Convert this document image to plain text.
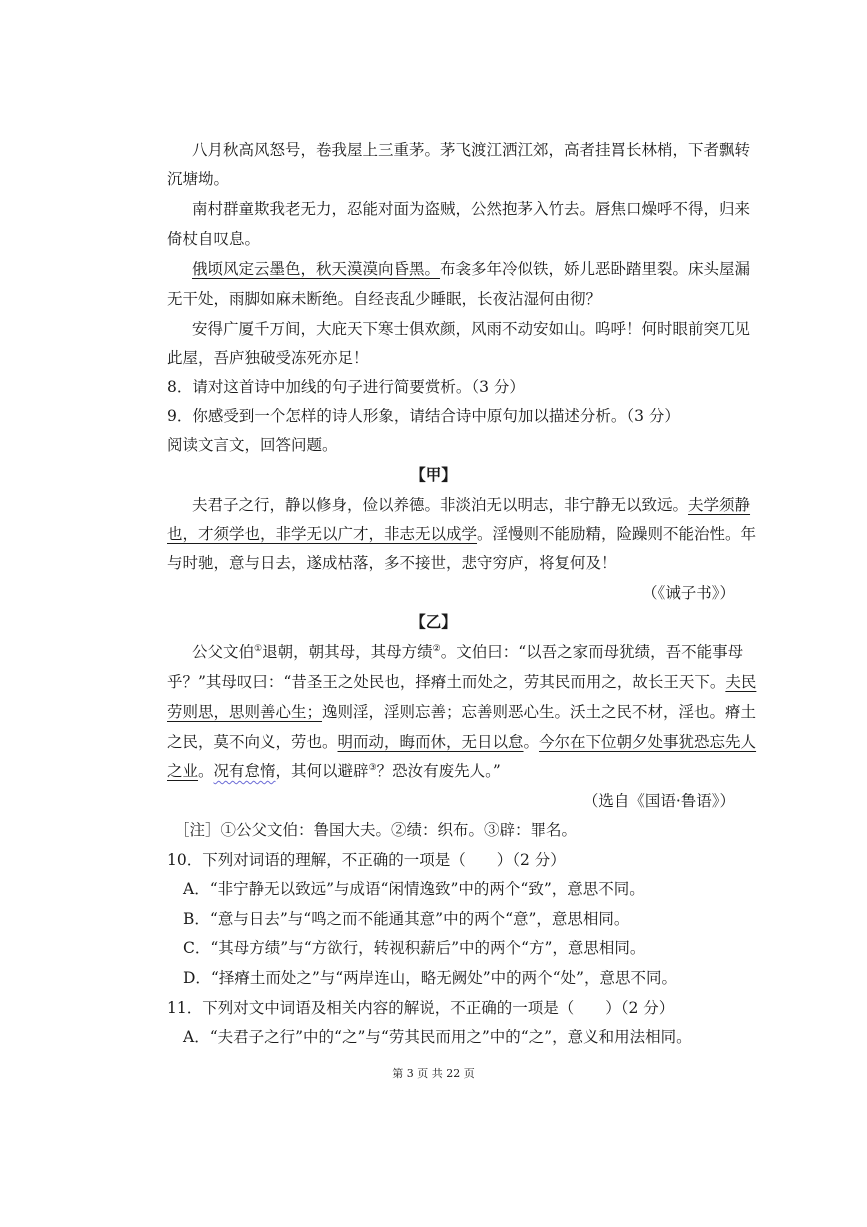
八月秋高风怒号，卷我屋上三重茅。茅飞渡江洒江郊，高者挂罥长林梢，下者飘转
沉塘坳。
南村群童欺我老无力，忍能对面为盗贼，公然抱茅入竹去。唇焦口燥呼不得，归来
倚杖自叹息。
俄顷风定云墨色，秋天漠漠向昏黑。布衾多年冷似铁，娇儿恶卧踏里裂。床头屋漏
无干处，雨脚如麻未断绝。自经丧乱少睡眠，长夜沾湿何由彻？
安得广厦千万间，大庇天下寒士俱欢颜，风雨不动安如山。呜呼！何时眼前突兀见
此屋，吾庐独破受冻死亦足！
8．请对这首诗中加线的句子进行简要赏析。（3 分）
9．你感受到一个怎样的诗人形象，请结合诗中原句加以描述分析。（3 分）
阅读文言文，回答问题。
【甲】
夫君子之行，静以修身，俭以养德。非淡泊无以明志，非宁静无以致远。夫学须静
也，才须学也，非学无以广才，非志无以成学。淫慢则不能励精，险躁则不能治性。年
与时驰，意与日去，遂成枯落，多不接世，悲守穷庐，将复何及！
（《诫子书》）
【乙】
公父文伯①退朝，朝其母，其母方绩②。文伯曰：“以吾之家而母犹绩，吾不能事母
乎？”其母叹曰：“昔圣王之处民也，择瘠土而处之，劳其民而用之，故长王天下。夫民
劳则思，思则善心生；逸则淫，淫则忘善；忘善则恶心生。沃土之民不材，淫也。瘠土
之民，莫不向义，劳也。明而动，晦而休，无日以怠。今尔在下位朝夕处事犹恐忘先人
之业。况有怠惰，其何以避辟③？恐汝有废先人。”
（选自《国语·鲁语》）
［注］①公父文伯：鲁国大夫。②绩：织布。③辟：罪名。
10．下列对词语的理解，不正确的一项是（　　）（2 分）
A．“非宁静无以致远”与成语“闲情逸致”中的两个“致”，意思不同。
B．“意与日去”与“鸣之而不能通其意”中的两个“意”，意思相同。
C．“其母方绩”与“方欲行，转视积薪后”中的两个“方”，意思相同。
D．“择瘠土而处之”与“两岸连山，略无阙处”中的两个“处”，意思不同。
11．下列对文中词语及相关内容的解说，不正确的一项是（　　）（2 分）
A．“夫君子之行”中的“之”与“劳其民而用之”中的“之”，意义和用法相同。
第 3 页 共 22 页
